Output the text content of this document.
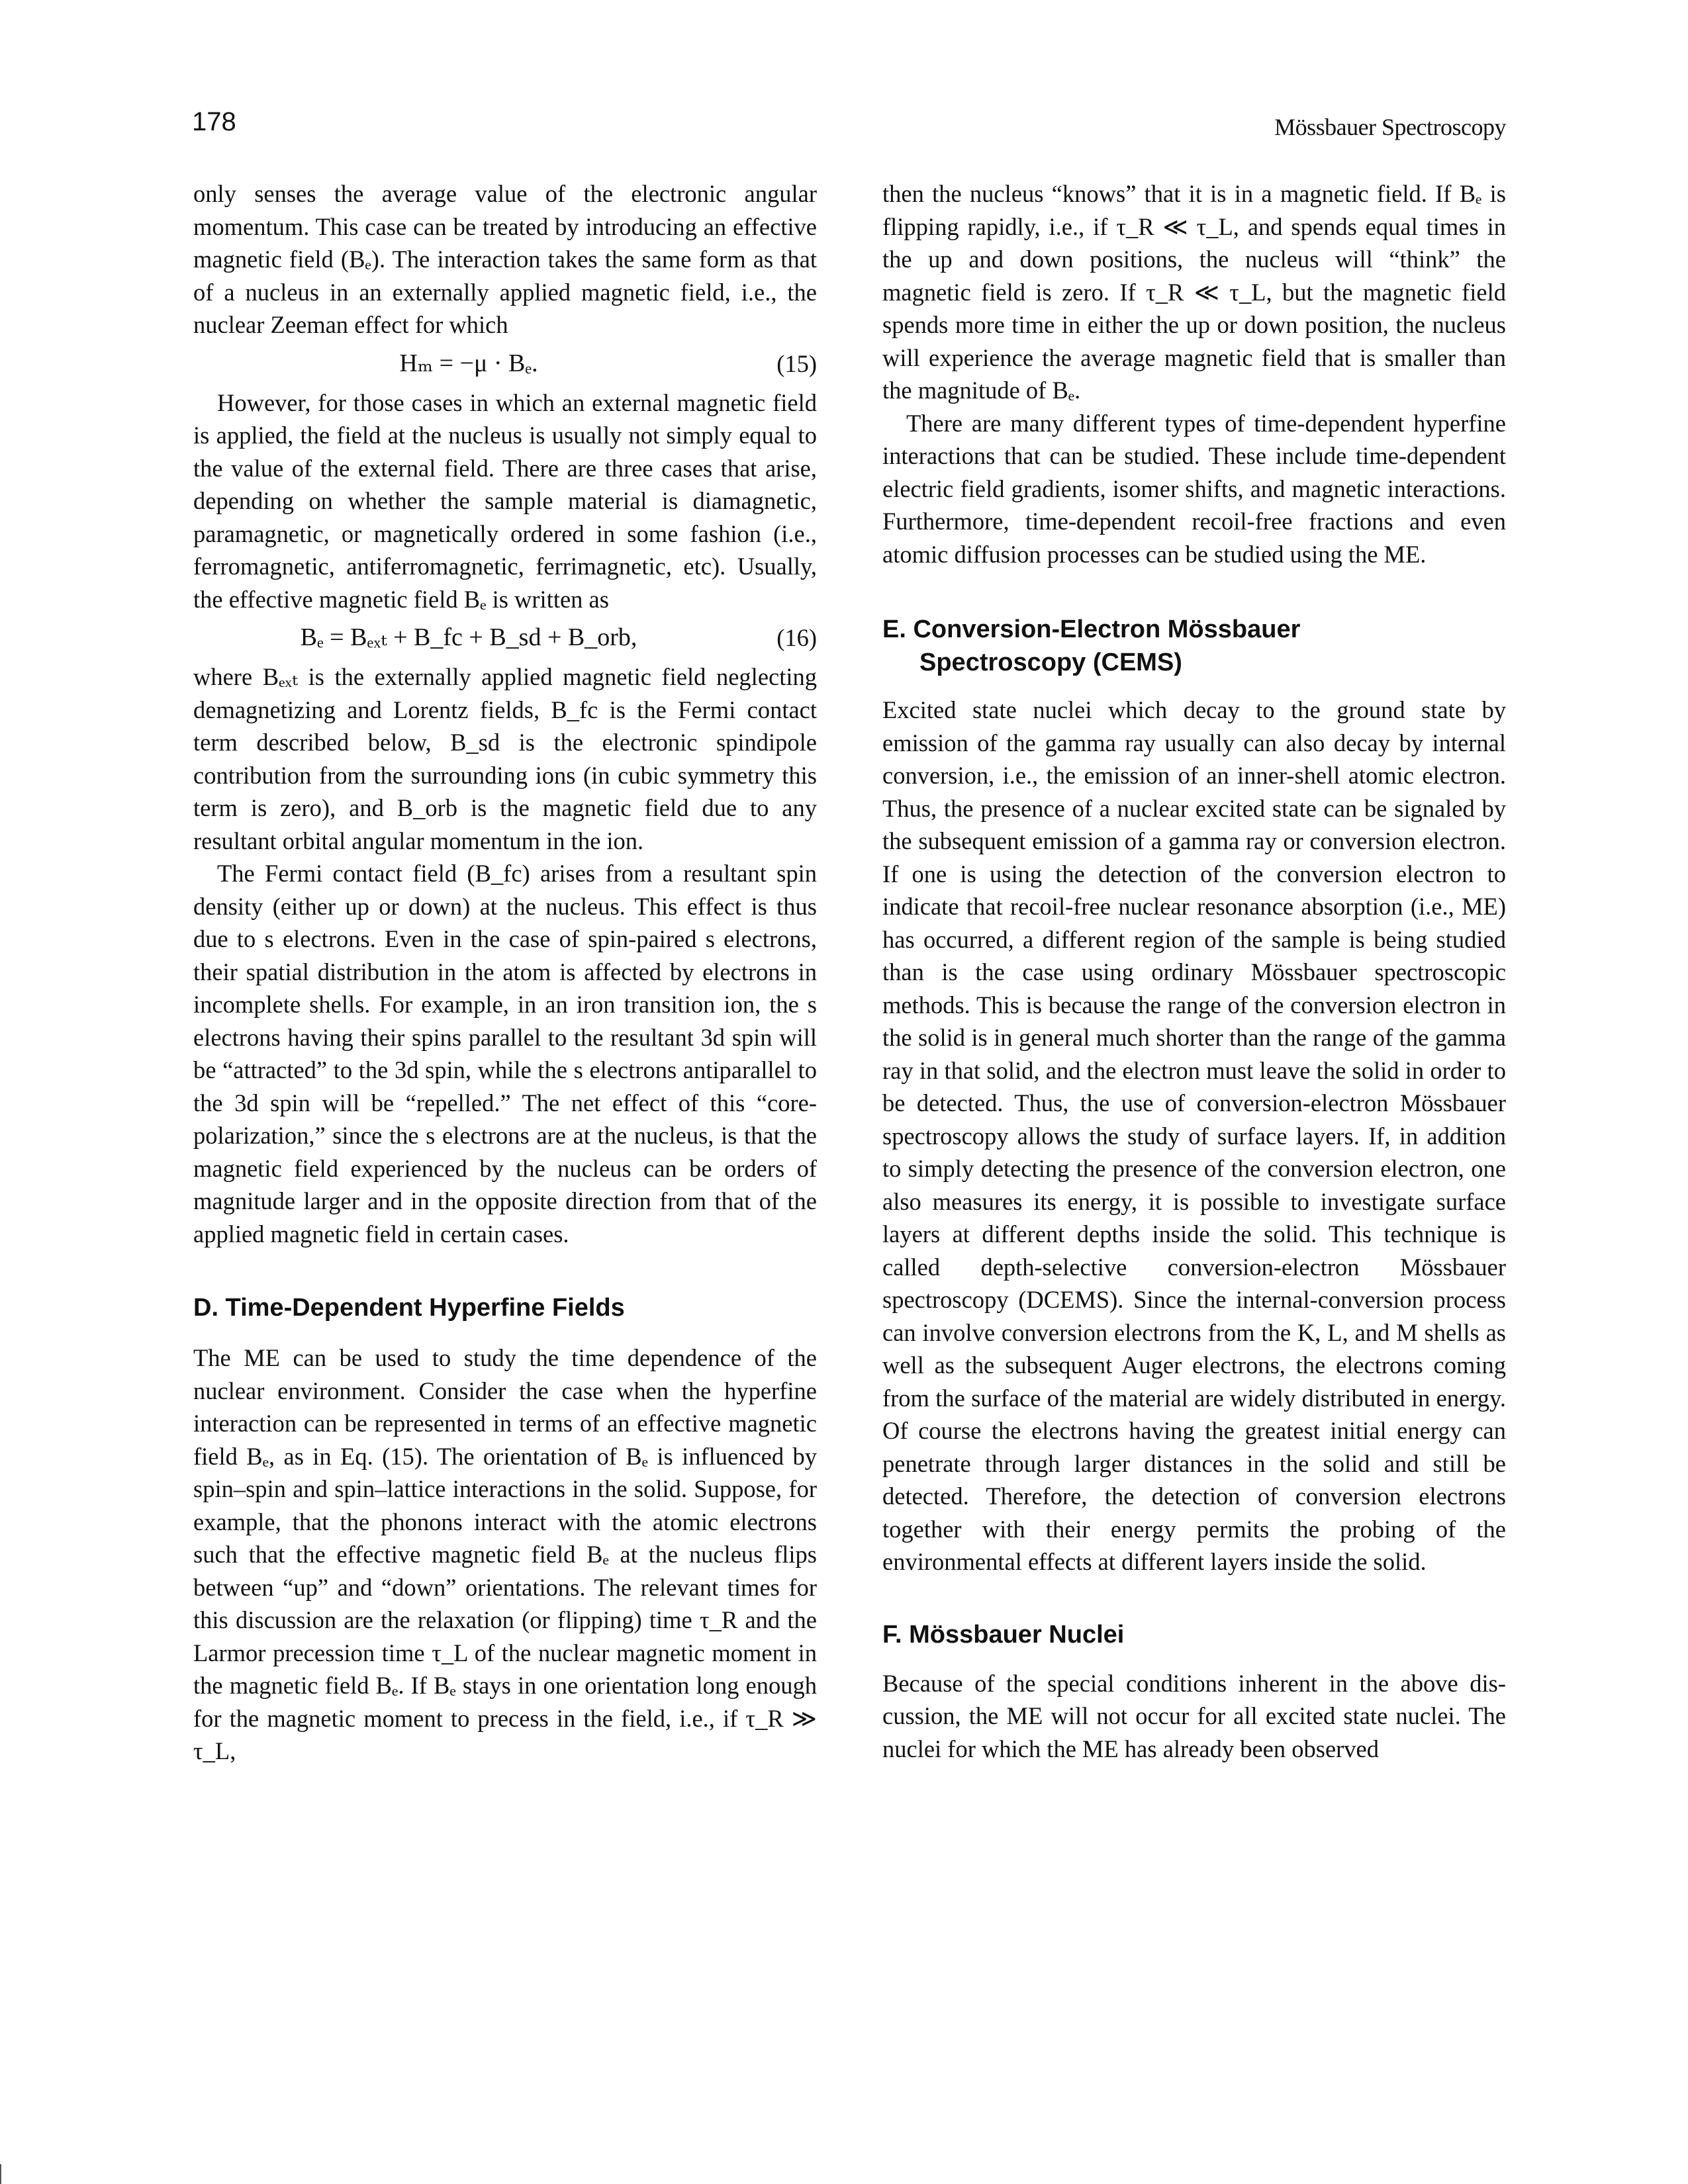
178	Mössbauer Spectroscopy

only senses the average value of the electronic angular momentum. This case can be treated by introducing an effective magnetic field (Bₑ). The interaction takes the same form as that of a nucleus in an externally applied magnetic field, i.e., the nuclear Zeeman effect for which

Hₘ = −μ · Bₑ.	(15)

However, for those cases in which an external magnetic field is applied, the field at the nucleus is usually not simply equal to the value of the external field. There are three cases that arise, depending on whether the sample material is diamagnetic, paramagnetic, or magnetically ordered in some fashion (i.e., ferromagnetic, antiferromagnetic, ferrimagnetic, etc). Usually, the effective magnetic field Bₑ is written as

Bₑ = Bₑₓₜ + B_fc + B_sd + B_orb,	(16)

where Bₑₓₜ is the externally applied magnetic field neglecting demagnetizing and Lorentz fields, B_fc is the Fermi contact term described below, B_sd is the electronic spindipole contribution from the surrounding ions (in cubic symmetry this term is zero), and B_orb is the magnetic field due to any resultant orbital angular momentum in the ion.

The Fermi contact field (B_fc) arises from a resultant spin density (either up or down) at the nucleus. This effect is thus due to s electrons. Even in the case of spin-paired s electrons, their spatial distribution in the atom is affected by electrons in incomplete shells. For example, in an iron transition ion, the s electrons having their spins parallel to the resultant 3d spin will be “attracted” to the 3d spin, while the s electrons antiparallel to the 3d spin will be “repelled.” The net effect of this “core-polarization,” since the s electrons are at the nucleus, is that the magnetic field experienced by the nucleus can be orders of magnitude larger and in the opposite direction from that of the applied magnetic field in certain cases.

D. Time-Dependent Hyperfine Fields

The ME can be used to study the time dependence of the nuclear environment. Consider the case when the hyperfine interaction can be represented in terms of an effective magnetic field Bₑ, as in Eq. (15). The orientation of Bₑ is influenced by spin–spin and spin–lattice interactions in the solid. Suppose, for example, that the phonons interact with the atomic electrons such that the effective magnetic field Bₑ at the nucleus flips between “up” and “down” orientations. The relevant times for this discussion are the relaxation (or flipping) time τ_R and the Larmor precession time τ_L of the nuclear magnetic moment in the magnetic field Bₑ. If Bₑ stays in one orientation long enough for the magnetic moment to precess in the field, i.e., if τ_R ≫ τ_L,

then the nucleus “knows” that it is in a magnetic field. If Bₑ is flipping rapidly, i.e., if τ_R ≪ τ_L, and spends equal times in the up and down positions, the nucleus will “think” the magnetic field is zero. If τ_R ≪ τ_L, but the magnetic field spends more time in either the up or down position, the nucleus will experience the average magnetic field that is smaller than the magnitude of Bₑ.

There are many different types of time-dependent hyperfine interactions that can be studied. These include time-dependent electric field gradients, isomer shifts, and magnetic interactions. Furthermore, time-dependent recoil-free fractions and even atomic diffusion processes can be studied using the ME.

E. Conversion-Electron Mössbauer
Spectroscopy (CEMS)

Excited state nuclei which decay to the ground state by emission of the gamma ray usually can also decay by internal conversion, i.e., the emission of an inner-shell atomic electron. Thus, the presence of a nuclear excited state can be signaled by the subsequent emission of a gamma ray or conversion electron. If one is using the detection of the conversion electron to indicate that recoil-free nuclear resonance absorption (i.e., ME) has occurred, a different region of the sample is being studied than is the case using ordinary Mössbauer spectroscopic methods. This is because the range of the conversion electron in the solid is in general much shorter than the range of the gamma ray in that solid, and the electron must leave the solid in order to be detected. Thus, the use of conversion-electron Mössbauer spectroscopy allows the study of surface layers. If, in addition to simply detecting the presence of the conversion electron, one also measures its energy, it is possible to investigate surface layers at different depths inside the solid. This technique is called depth-selective conversion-electron Mössbauer spectroscopy (DCEMS). Since the internal-conversion process can involve conversion electrons from the K, L, and M shells as well as the subsequent Auger electrons, the electrons coming from the surface of the material are widely distributed in energy. Of course the electrons having the greatest initial energy can penetrate through larger distances in the solid and still be detected. Therefore, the detection of conversion electrons together with their energy permits the probing of the environmental effects at different layers inside the solid.

F. Mössbauer Nuclei

Because of the special conditions inherent in the above discussion, the ME will not occur for all excited state nuclei. The nuclei for which the ME has already been observed
